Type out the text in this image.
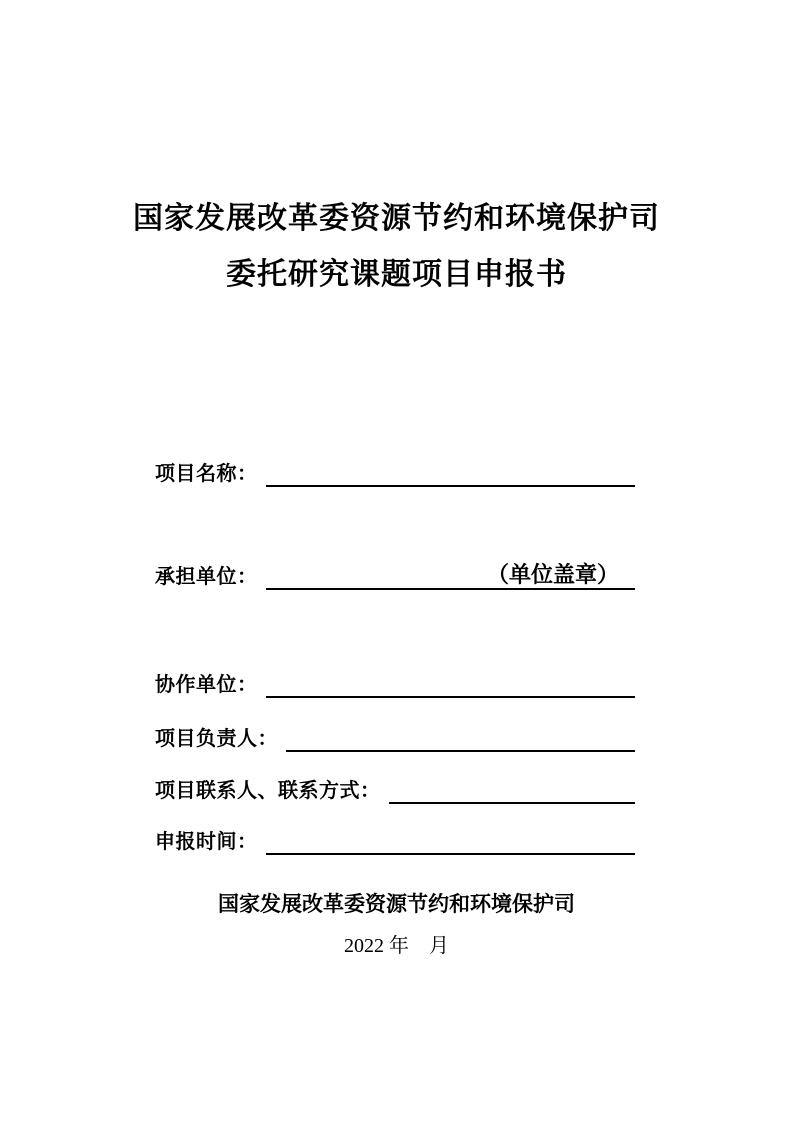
国家发展改革委资源节约和环境保护司
委托研究课题项目申报书
项目名称：
承担单位：	（单位盖章）
协作单位：
项目负责人：
项目联系人、联系方式：
申报时间：
国家发展改革委资源节约和环境保护司
2022 年　月
